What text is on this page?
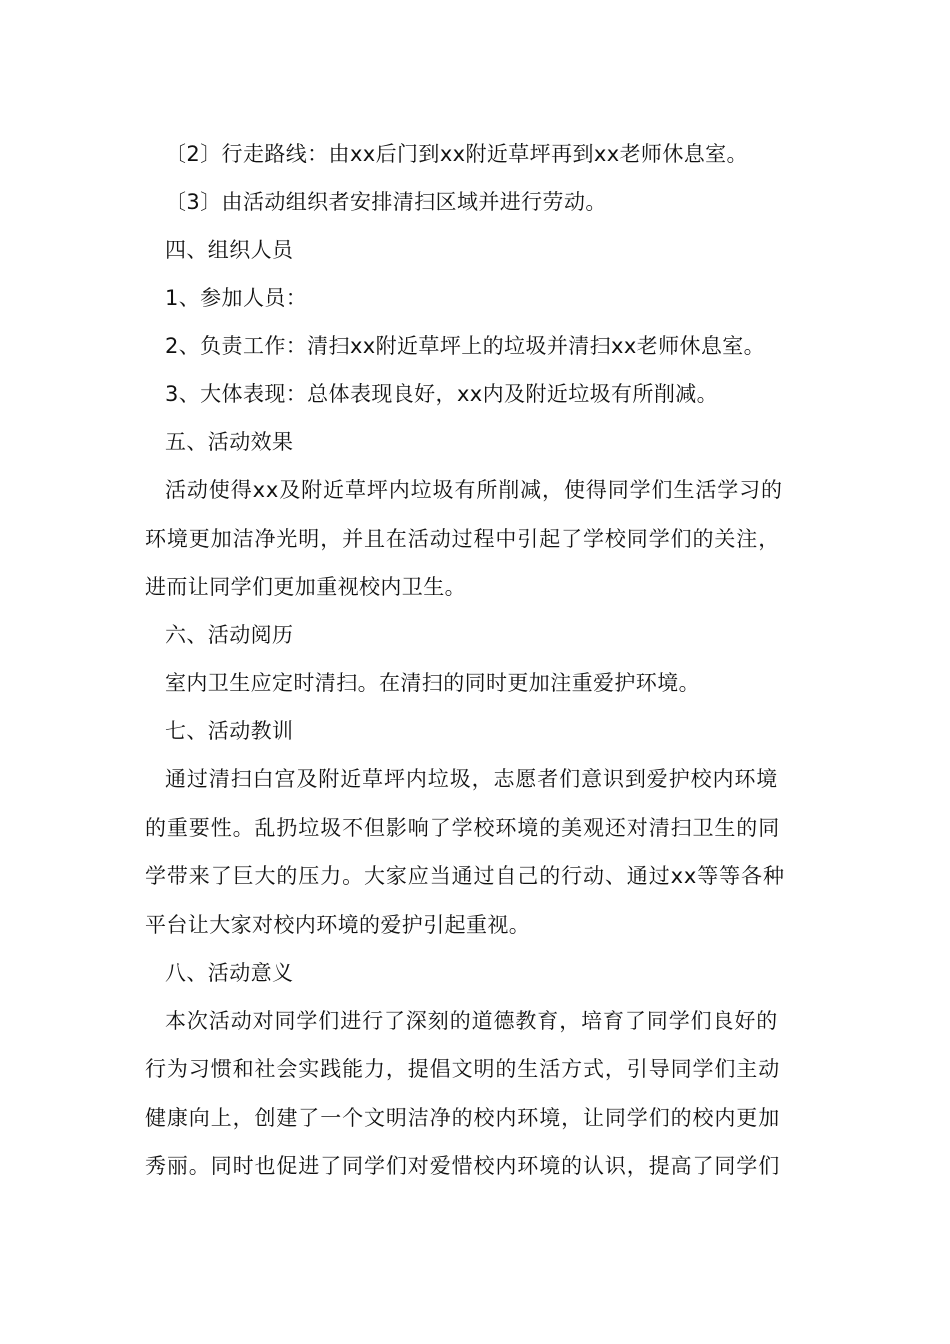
〔2〕行走路线：由xx后门到xx附近草坪再到xx老师休息室。
〔3〕由活动组织者安排清扫区域并进行劳动。
四、组织人员
1、参加人员：
2、负责工作：清扫xx附近草坪上的垃圾并清扫xx老师休息室。
3、大体表现：总体表现良好，xx内及附近垃圾有所削减。
五、活动效果
活动使得xx及附近草坪内垃圾有所削减，使得同学们生活学习的
环境更加洁净光明，并且在活动过程中引起了学校同学们的关注，
进而让同学们更加重视校内卫生。
六、活动阅历
室内卫生应定时清扫。在清扫的同时更加注重爱护环境。
七、活动教训
通过清扫白宫及附近草坪内垃圾，志愿者们意识到爱护校内环境
的重要性。乱扔垃圾不但影响了学校环境的美观还对清扫卫生的同
学带来了巨大的压力。大家应当通过自己的行动、通过xx等等各种
平台让大家对校内环境的爱护引起重视。
八、活动意义
本次活动对同学们进行了深刻的道德教育，培育了同学们良好的
行为习惯和社会实践能力，提倡文明的生活方式，引导同学们主动
健康向上，创建了一个文明洁净的校内环境，让同学们的校内更加
秀丽。同时也促进了同学们对爱惜校内环境的认识，提高了同学们
